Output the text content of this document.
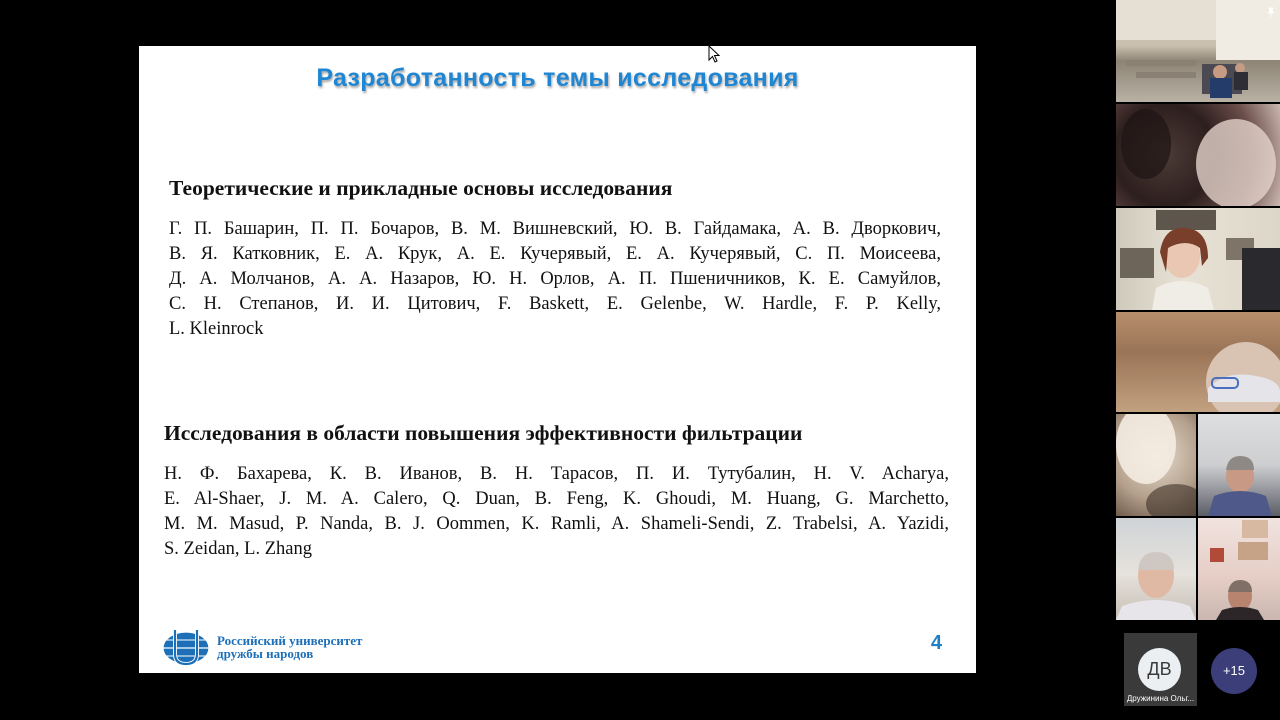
Разработанность темы исследования
Теоретические и прикладные основы исследования
Г. П. Башарин, П. П. Бочаров, В. М. Вишневский, Ю. В. Гайдамака, А. В. Дворкович,
В. Я. Катковник, Е. А. Крук, А. Е. Кучерявый, Е. А. Кучерявый, С. П. Моисеева,
Д. А. Молчанов, А. А. Назаров, Ю. Н. Орлов, А. П. Пшеничников, К. Е. Самуйлов,
С. Н. Степанов, И. И. Цитович, F. Baskett, E. Gelenbe, W. Hardle, F. P. Kelly,
L. Kleinrock
Исследования в области повышения эффективности фильтрации
Н. Ф. Бахарева, К. В. Иванов, В. Н. Тарасов, П. И. Тутубалин, H. V. Acharya,
E. Al-Shaer, J. M. A. Calero, Q. Duan, B. Feng, K. Ghoudi, M. Huang, G. Marchetto,
M. M. Masud, P. Nanda, B. J. Oommen, K. Ramli, A. Shameli-Sendi, Z. Trabelsi, A. Yazidi,
S. Zeidan, L. Zhang
Российский университет
дружбы народов	4
ДВ
Дружинина Ольг...
+15
